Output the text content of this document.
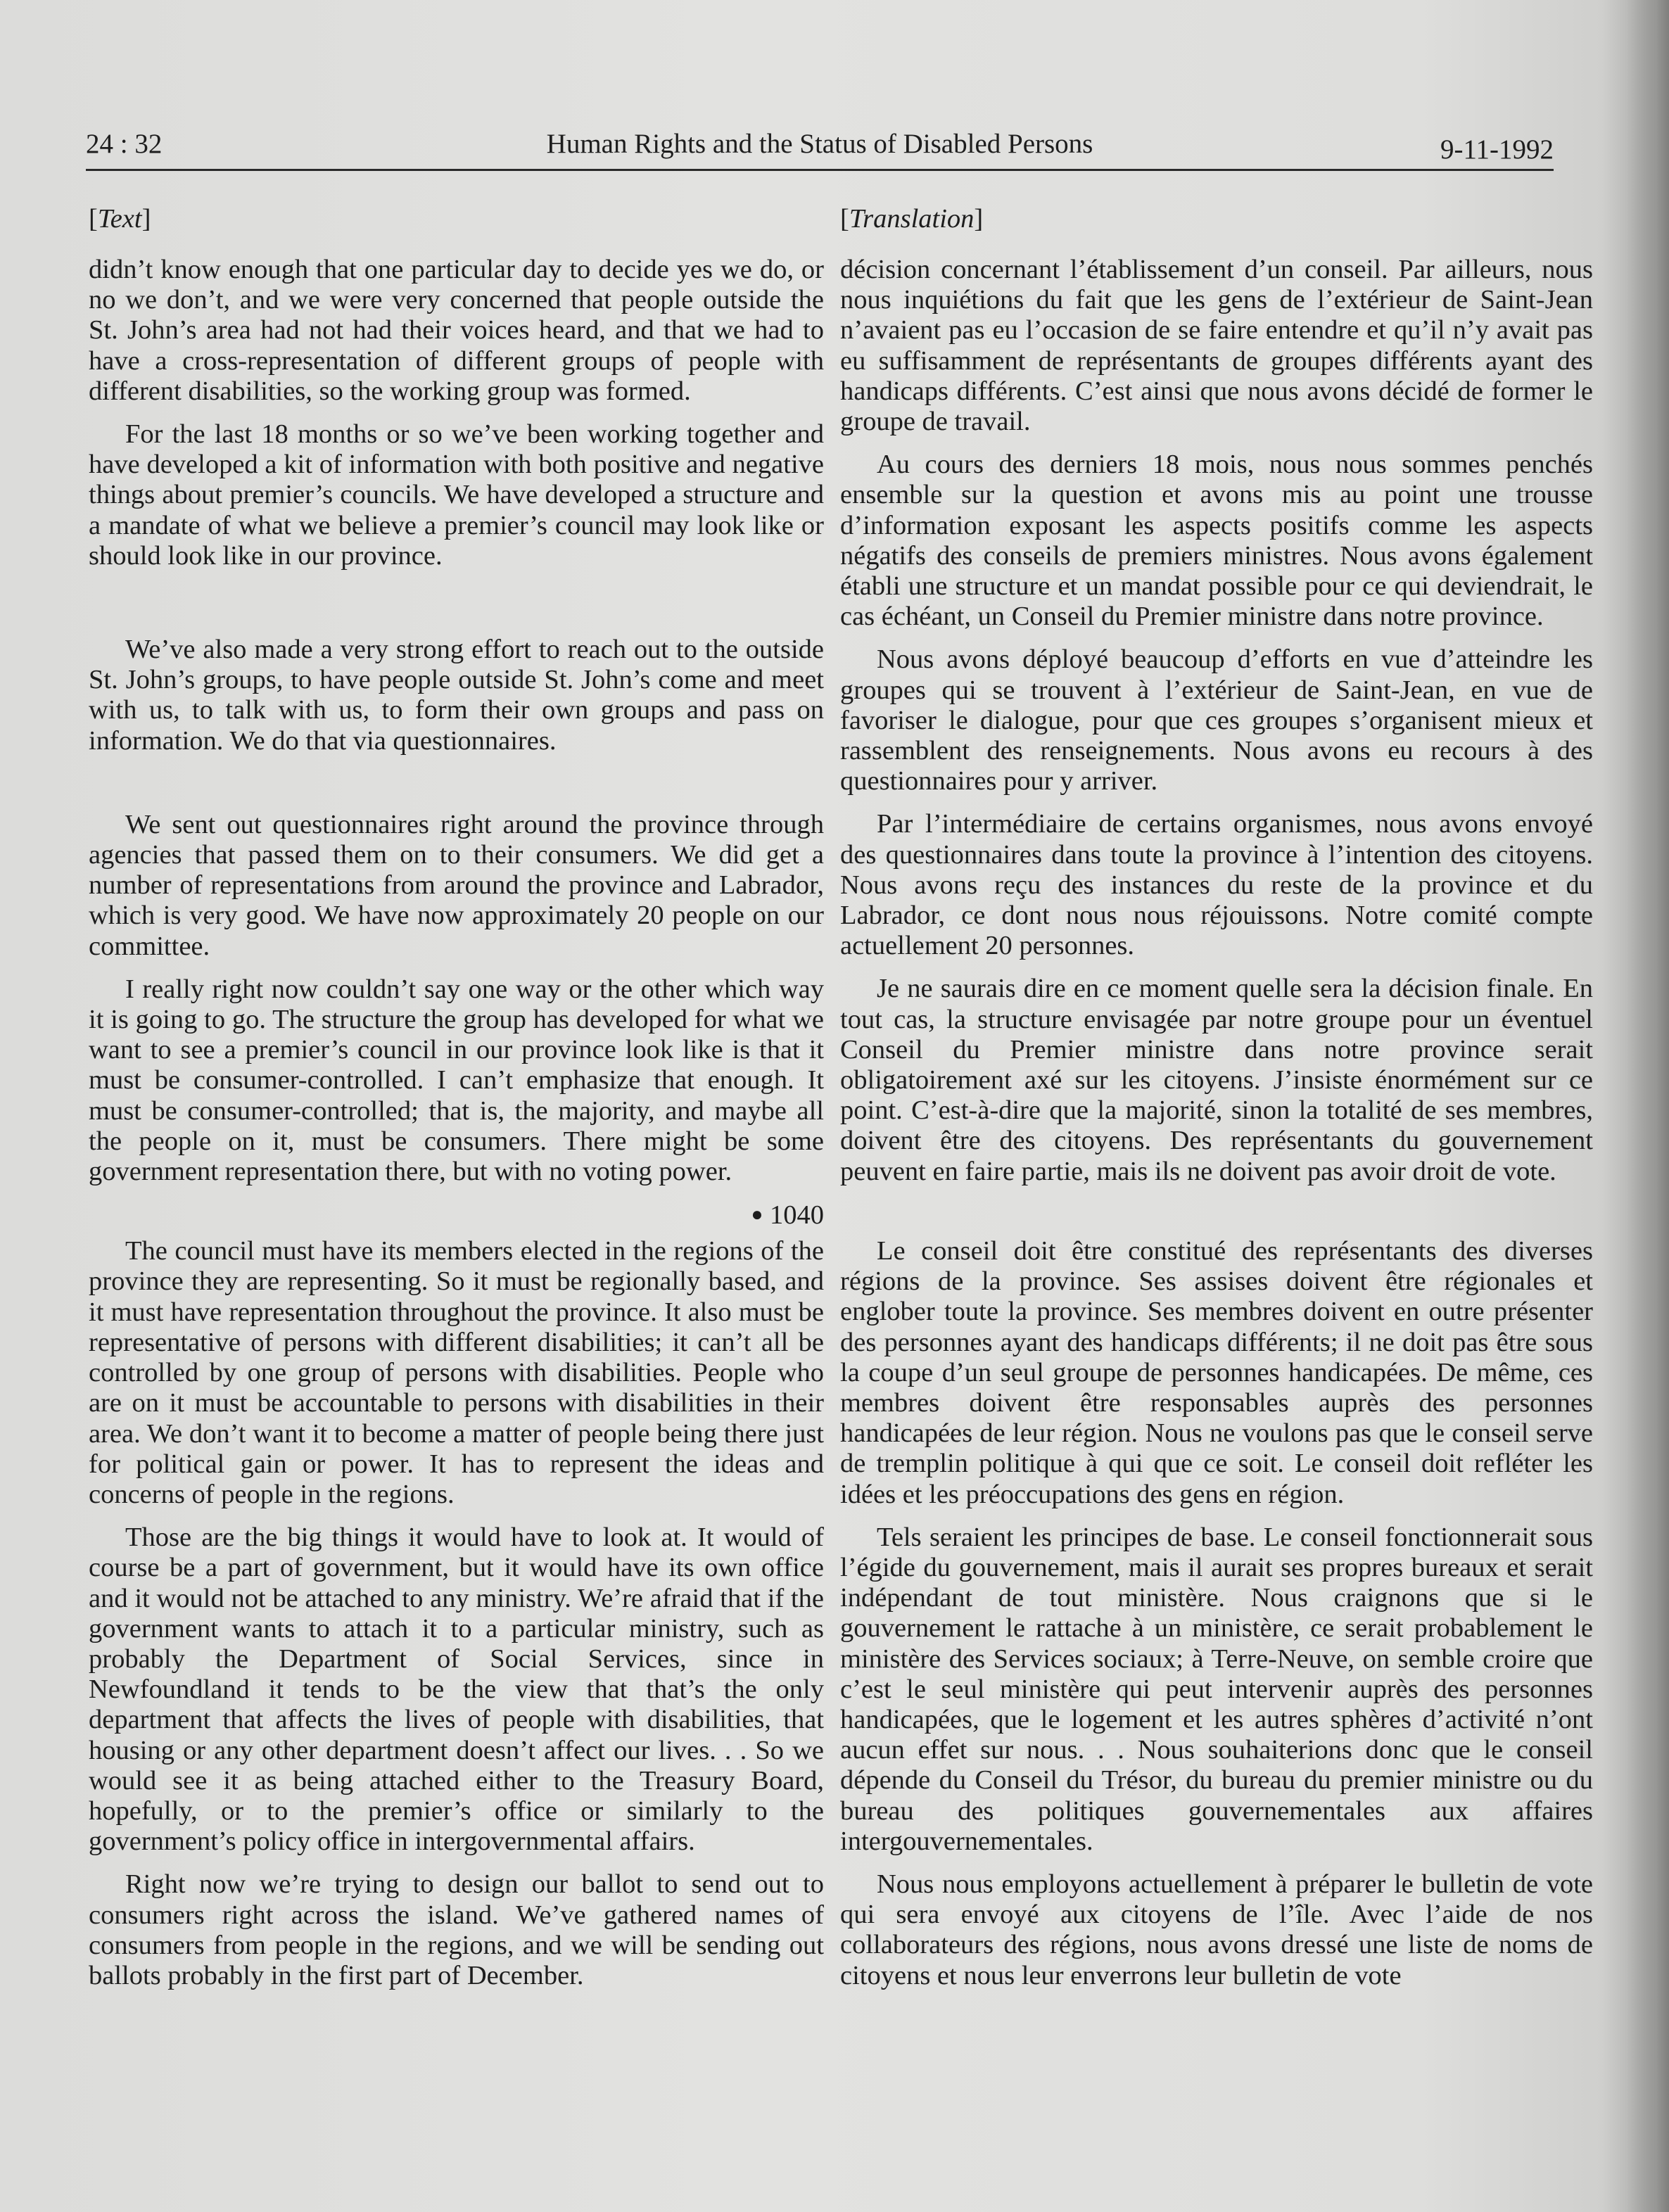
24 : 32	Human Rights and the Status of Disabled Persons	9-11-1992
[Text]

didn’t know enough that one particular day to decide yes we do, or no we don’t, and we were very concerned that people outside the St. John’s area had not had their voices heard, and that we had to have a cross-representation of different groups of people with different disabilities, so the working group was formed.

For the last 18 months or so we’ve been working together and have developed a kit of information with both positive and negative things about premier’s councils. We have developed a structure and a mandate of what we believe a premier’s council may look like or should look like in our province.

We’ve also made a very strong effort to reach out to the outside St. John’s groups, to have people outside St. John’s come and meet with us, to talk with us, to form their own groups and pass on information. We do that via questionnaires.

We sent out questionnaires right around the province through agencies that passed them on to their consumers. We did get a number of representations from around the province and Labrador, which is very good. We have now approximately 20 people on our committee.

I really right now couldn’t say one way or the other which way it is going to go. The structure the group has developed for what we want to see a premier’s council in our province look like is that it must be consumer-controlled. I can’t emphasize that enough. It must be consumer-controlled; that is, the majority, and maybe all the people on it, must be consumers. There might be some government representation there, but with no voting power.

● 1040

The council must have its members elected in the regions of the province they are representing. So it must be regionally based, and it must have representation throughout the province. It also must be representative of persons with different disabilities; it can’t all be controlled by one group of persons with disabilities. People who are on it must be accountable to persons with disabilities in their area. We don’t want it to become a matter of people being there just for political gain or power. It has to represent the ideas and concerns of people in the regions.

Those are the big things it would have to look at. It would of course be a part of government, but it would have its own office and it would not be attached to any ministry. We’re afraid that if the government wants to attach it to a particular ministry, such as probably the Department of Social Services, since in Newfoundland it tends to be the view that that’s the only department that affects the lives of people with disabilities, that housing or any other department doesn’t affect our lives. . . So we would see it as being attached either to the Treasury Board, hopefully, or to the premier’s office or similarly to the government’s policy office in intergovernmental affairs.

Right now we’re trying to design our ballot to send out to consumers right across the island. We’ve gathered names of consumers from people in the regions, and we will be sending out ballots probably in the first part of December.

[Translation]

décision concernant l’établissement d’un conseil. Par ailleurs, nous nous inquiétions du fait que les gens de l’extérieur de Saint-Jean n’avaient pas eu l’occasion de se faire entendre et qu’il n’y avait pas eu suffisamment de représentants de groupes différents ayant des handicaps différents. C’est ainsi que nous avons décidé de former le groupe de travail.

Au cours des derniers 18 mois, nous nous sommes penchés ensemble sur la question et avons mis au point une trousse d’information exposant les aspects positifs comme les aspects négatifs des conseils de premiers ministres. Nous avons également établi une structure et un mandat possible pour ce qui deviendrait, le cas échéant, un Conseil du Premier ministre dans notre province.

Nous avons déployé beaucoup d’efforts en vue d’atteindre les groupes qui se trouvent à l’extérieur de Saint-Jean, en vue de favoriser le dialogue, pour que ces groupes s’organisent mieux et rassemblent des renseignements. Nous avons eu recours à des questionnaires pour y arriver.

Par l’intermédiaire de certains organismes, nous avons envoyé des questionnaires dans toute la province à l’intention des citoyens. Nous avons reçu des instances du reste de la province et du Labrador, ce dont nous nous réjouissons. Notre comité compte actuellement 20 personnes.

Je ne saurais dire en ce moment quelle sera la décision finale. En tout cas, la structure envisagée par notre groupe pour un éventuel Conseil du Premier ministre dans notre province serait obligatoirement axé sur les citoyens. J’insiste énormément sur ce point. C’est-à-dire que la majorité, sinon la totalité de ses membres, doivent être des citoyens. Des représentants du gouvernement peuvent en faire partie, mais ils ne doivent pas avoir droit de vote.

Le conseil doit être constitué des représentants des diverses régions de la province. Ses assises doivent être régionales et englober toute la province. Ses membres doivent en outre présenter des personnes ayant des handicaps différents; il ne doit pas être sous la coupe d’un seul groupe de personnes handicapées. De même, ces membres doivent être responsables auprès des personnes handicapées de leur région. Nous ne voulons pas que le conseil serve de tremplin politique à qui que ce soit. Le conseil doit refléter les idées et les préoccupations des gens en région.

Tels seraient les principes de base. Le conseil fonctionnerait sous l’égide du gouvernement, mais il aurait ses propres bureaux et serait indépendant de tout ministère. Nous craignons que si le gouvernement le rattache à un ministère, ce serait probablement le ministère des Services sociaux; à Terre-Neuve, on semble croire que c’est le seul ministère qui peut intervenir auprès des personnes handicapées, que le logement et les autres sphères d’activité n’ont aucun effet sur nous. . . Nous souhaiterions donc que le conseil dépende du Conseil du Trésor, du bureau du premier ministre ou du bureau des politiques gouvernementales aux affaires intergouvernementales.

Nous nous employons actuellement à préparer le bulletin de vote qui sera envoyé aux citoyens de l’île. Avec l’aide de nos collaborateurs des régions, nous avons dressé une liste de noms de citoyens et nous leur enverrons leur bulletin de vote
